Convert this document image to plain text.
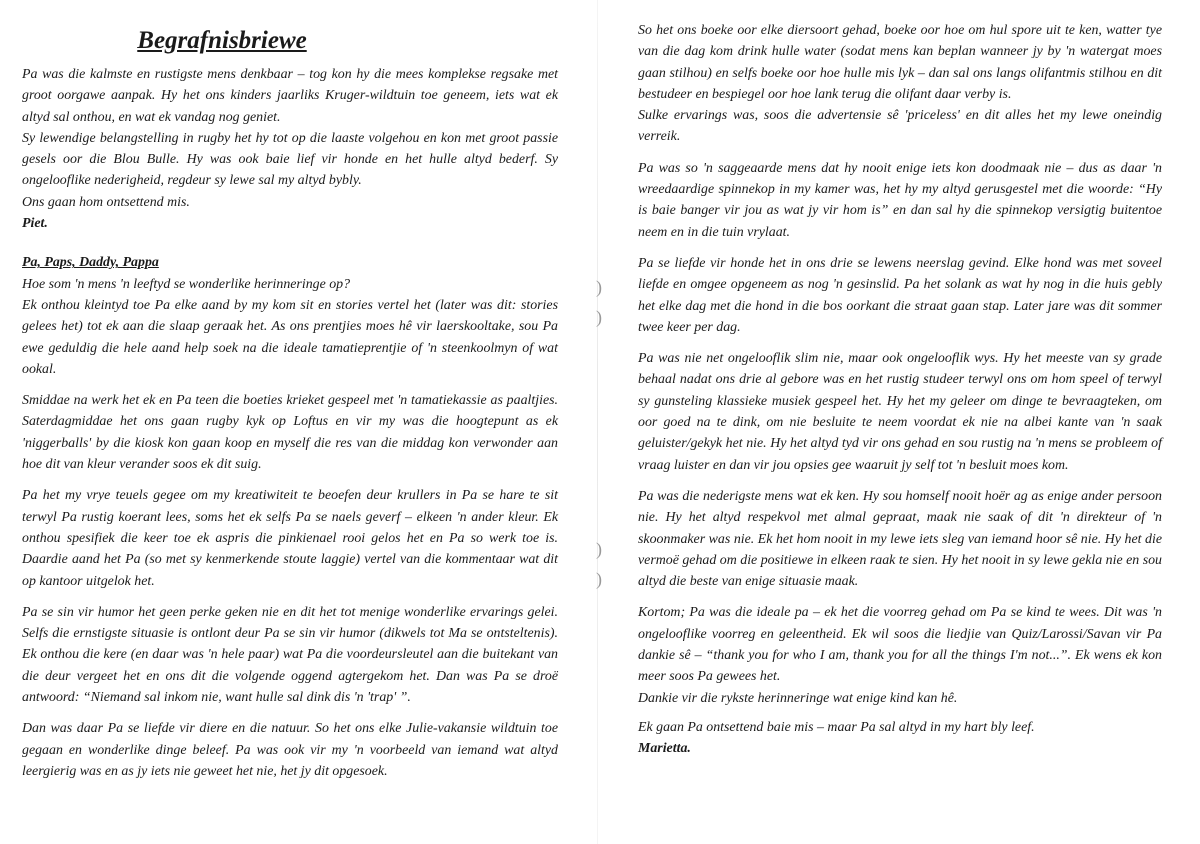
)
)
)
)
Begrafnisbriewe

Pa was die kalmste en rustigste mens denkbaar – tog kon hy die mees komplekse regsake met groot oorgawe aanpak. Hy het ons kinders jaarliks Kruger-wildtuin toe geneem, iets wat ek altyd sal onthou, en wat ek vandag nog geniet.

Sy lewendige belangstelling in rugby het hy tot op die laaste volgehou en kon met groot passie gesels oor die Blou Bulle. Hy was ook baie lief vir honde en het hulle altyd bederf. Sy ongelooflike nederigheid, regdeur sy lewe sal my altyd bybly.

Ons gaan hom ontsettend mis.

Piet.

Pa, Paps, Daddy, Pappa

Hoe som 'n mens 'n leeftyd se wonderlike herinneringe op?

Ek onthou kleintyd toe Pa elke aand by my kom sit en stories vertel het (later was dit: stories gelees het) tot ek aan die slaap geraak het. As ons prentjies moes hê vir laerskooltake, sou Pa ewe geduldig die hele aand help soek na die ideale tamatieprentjie of 'n steenkoolmyn of wat ookal.

Smiddae na werk het ek en Pa teen die boeties krieket gespeel met 'n tamatiekassie as paaltjies. Saterdagmiddae het ons gaan rugby kyk op Loftus en vir my was die hoogtepunt as ek 'niggerballs' by die kiosk kon gaan koop en myself die res van die middag kon verwonder aan hoe dit van kleur verander soos ek dit suig.

Pa het my vrye teuels gegee om my kreatiwiteit te beoefen deur krullers in Pa se hare te sit terwyl Pa rustig koerant lees, soms het ek selfs Pa se naels geverf – elkeen 'n ander kleur. Ek onthou spesifiek die keer toe ek aspris die pinkienael rooi gelos het en Pa so werk toe is. Daardie aand het Pa (so met sy kenmerkende stoute laggie) vertel van die kommentaar wat dit op kantoor uitgelok het.

Pa se sin vir humor het geen perke geken nie en dit het tot menige wonderlike ervarings gelei. Selfs die ernstigste situasie is ontlont deur Pa se sin vir humor (dikwels tot Ma se ontsteltenis). Ek onthou die kere (en daar was 'n hele paar) wat Pa die voordeursleutel aan die buitekant van die deur vergeet het en ons dit die volgende oggend agtergekom het. Dan was Pa se droë antwoord: “Niemand sal inkom nie, want hulle sal dink dis 'n 'trap' ”.

Dan was daar Pa se liefde vir diere en die natuur. So het ons elke Julie-vakansie wildtuin toe gegaan en wonderlike dinge beleef. Pa was ook vir my 'n voorbeeld van iemand wat altyd leergierig was en as jy iets nie geweet het nie, het jy dit opgesoek.

So het ons boeke oor elke diersoort gehad, boeke oor hoe om hul spore uit te ken, watter tye van die dag kom drink hulle water (sodat mens kan beplan wanneer jy by 'n watergat moes gaan stilhou) en selfs boeke oor hoe hulle mis lyk – dan sal ons langs olifantmis stilhou en dit bestudeer en bespiegel oor hoe lank terug die olifant daar verby is.

Sulke ervarings was, soos die advertensie sê 'priceless' en dit alles het my lewe oneindig verreik.

Pa was so 'n saggeaarde mens dat hy nooit enige iets kon doodmaak nie – dus as daar 'n wreedaardige spinnekop in my kamer was, het hy my altyd gerusgestel met die woorde: “Hy is baie banger vir jou as wat jy vir hom is” en dan sal hy die spinnekop versigtig buitentoe neem en in die tuin vrylaat.

Pa se liefde vir honde het in ons drie se lewens neerslag gevind. Elke hond was met soveel liefde en omgee opgeneem as nog 'n gesinslid. Pa het solank as wat hy nog in die huis gebly het elke dag met die hond in die bos oorkant die straat gaan stap. Later jare was dit sommer twee keer per dag.

Pa was nie net ongelooflik slim nie, maar ook ongelooflik wys. Hy het meeste van sy grade behaal nadat ons drie al gebore was en het rustig studeer terwyl ons om hom speel of terwyl sy gunsteling klassieke musiek gespeel het. Hy het my geleer om dinge te bevraagteken, om oor goed na te dink, om nie besluite te neem voordat ek nie na albei kante van 'n saak geluister/gekyk het nie. Hy het altyd tyd vir ons gehad en sou rustig na 'n mens se probleem of vraag luister en dan vir jou opsies gee waaruit jy self tot 'n besluit moes kom.

Pa was die nederigste mens wat ek ken. Hy sou homself nooit hoër ag as enige ander persoon nie. Hy het altyd respekvol met almal gepraat, maak nie saak of dit 'n direkteur of 'n skoonmaker was nie. Ek het hom nooit in my lewe iets sleg van iemand hoor sê nie. Hy het die vermoë gehad om die positiewe in elkeen raak te sien. Hy het nooit in sy lewe gekla nie en sou altyd die beste van enige situasie maak.

Kortom; Pa was die ideale pa – ek het die voorreg gehad om Pa se kind te wees. Dit was 'n ongelooflike voorreg en geleentheid. Ek wil soos die liedjie van Quiz/Larossi/Savan vir Pa dankie sê – “thank you for who I am, thank you for all the things I'm not...”. Ek wens ek kon meer soos Pa gewees het.

Dankie vir die rykste herinneringe wat enige kind kan hê.

Ek gaan Pa ontsettend baie mis – maar Pa sal altyd in my hart bly leef.

Marietta.
